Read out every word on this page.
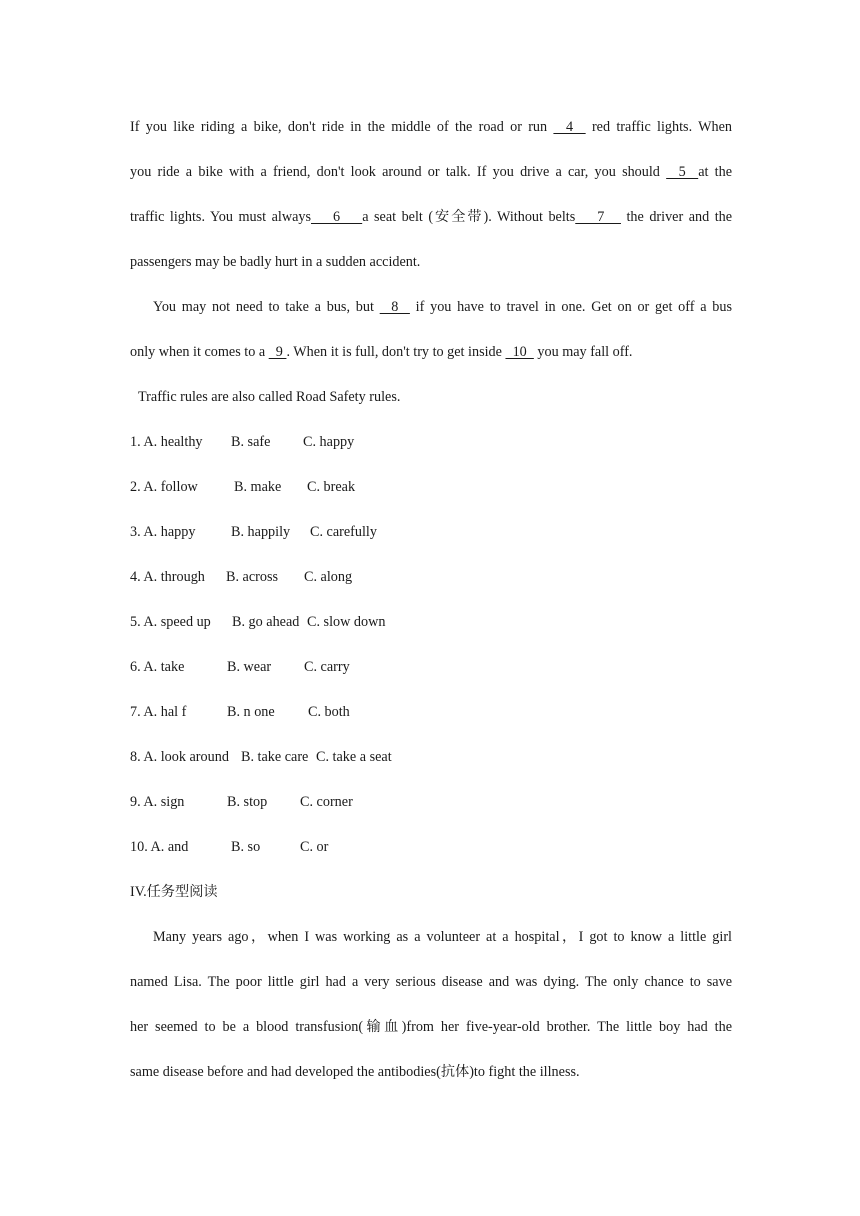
If you like riding a bike, don't ride in the middle of the road or run   4   red traffic lights. When
you ride a bike with a friend, don't look around or talk. If you drive a car, you should   5  at the
traffic lights. You must always    6    a seat belt (安全带). Without belts    7    the driver and the
passengers may be badly hurt in a sudden accident.
You may not need to take a bus, but   8   if you have to travel in one. Get on or get off a bus
only when it comes to a   9 . When it is full, don't try to get inside   10   you may fall off.
Traffic rules are also called Road Safety rules.
1. A. healthy B. safe C. happy
2. A. follow	B. make C. break
3. A. happy	B. happily C. carefully
4. A. through B. across C. along
5. A. speed up B. go ahead C. slow down
6. A. take	B. wear C. carry
7. A. hal f	B. n one C. both
8. A. look around B. take care C. take a seat
9. A. sign	B. stop C. corner
10. A. and	B. so	C. or
IV.任务型阅读
Many years ago，when I was working as a volunteer at a hospital，I got to know a little girl
named Lisa. The poor little girl had a very serious disease and was dying. The only chance to save
her seemed to be a blood transfusion(输血)from her five-year-old brother. The little boy had the
same disease before and had developed the antibodies(抗体)to fight the illness.
